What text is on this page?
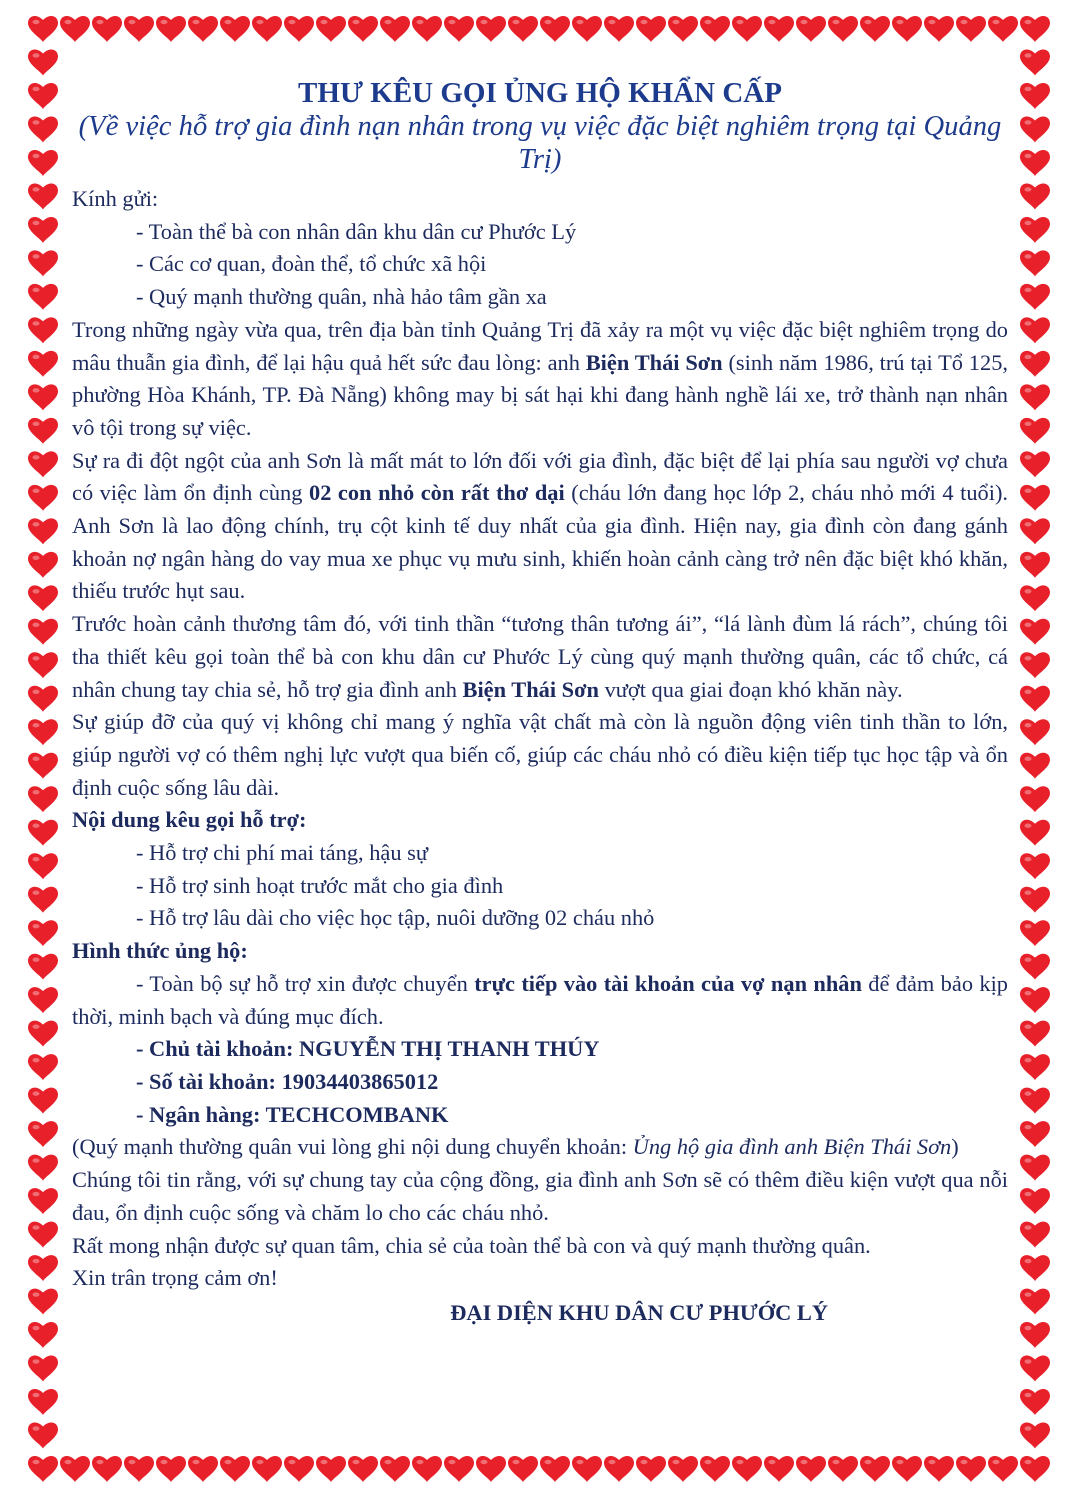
THƯ KÊU GỌI ỦNG HỘ KHẨN CẤP
(Về việc hỗ trợ gia đình nạn nhân trong vụ việc đặc biệt nghiêm trọng tại Quảng Trị)
Kính gửi:
- Toàn thể bà con nhân dân khu dân cư Phước Lý
- Các cơ quan, đoàn thể, tổ chức xã hội
- Quý mạnh thường quân, nhà hảo tâm gần xa

Trong những ngày vừa qua, trên địa bàn tỉnh Quảng Trị đã xảy ra một vụ việc đặc biệt nghiêm trọng do mâu thuẫn gia đình, để lại hậu quả hết sức đau lòng: anh Biện Thái Sơn (sinh năm 1986, trú tại Tổ 125, phường Hòa Khánh, TP. Đà Nẵng) không may bị sát hại khi đang hành nghề lái xe, trở thành nạn nhân vô tội trong sự việc.

Sự ra đi đột ngột của anh Sơn là mất mát to lớn đối với gia đình, đặc biệt để lại phía sau người vợ chưa có việc làm ổn định cùng 02 con nhỏ còn rất thơ dại (cháu lớn đang học lớp 2, cháu nhỏ mới 4 tuổi). Anh Sơn là lao động chính, trụ cột kinh tế duy nhất của gia đình. Hiện nay, gia đình còn đang gánh khoản nợ ngân hàng do vay mua xe phục vụ mưu sinh, khiến hoàn cảnh càng trở nên đặc biệt khó khăn, thiếu trước hụt sau.

Trước hoàn cảnh thương tâm đó, với tinh thần “tương thân tương ái”, “lá lành đùm lá rách”, chúng tôi tha thiết kêu gọi toàn thể bà con khu dân cư Phước Lý cùng quý mạnh thường quân, các tổ chức, cá nhân chung tay chia sẻ, hỗ trợ gia đình anh Biện Thái Sơn vượt qua giai đoạn khó khăn này.

Sự giúp đỡ của quý vị không chỉ mang ý nghĩa vật chất mà còn là nguồn động viên tinh thần to lớn, giúp người vợ có thêm nghị lực vượt qua biến cố, giúp các cháu nhỏ có điều kiện tiếp tục học tập và ổn định cuộc sống lâu dài.

Nội dung kêu gọi hỗ trợ:
- Hỗ trợ chi phí mai táng, hậu sự
- Hỗ trợ sinh hoạt trước mắt cho gia đình
- Hỗ trợ lâu dài cho việc học tập, nuôi dưỡng 02 cháu nhỏ
Hình thức ủng hộ:

- Toàn bộ sự hỗ trợ xin được chuyển trực tiếp vào tài khoản của vợ nạn nhân để đảm bảo kịp thời, minh bạch và đúng mục đích.

- Chủ tài khoản: NGUYỄN THỊ THANH THÚY
- Số tài khoản: 19034403865012
- Ngân hàng: TECHCOMBANK

(Quý mạnh thường quân vui lòng ghi nội dung chuyển khoản: Ủng hộ gia đình anh Biện Thái Sơn)

Chúng tôi tin rằng, với sự chung tay của cộng đồng, gia đình anh Sơn sẽ có thêm điều kiện vượt qua nỗi đau, ổn định cuộc sống và chăm lo cho các cháu nhỏ.

Rất mong nhận được sự quan tâm, chia sẻ của toàn thể bà con và quý mạnh thường quân.

Xin trân trọng cảm ơn!

ĐẠI DIỆN KHU DÂN CƯ PHƯỚC LÝ
